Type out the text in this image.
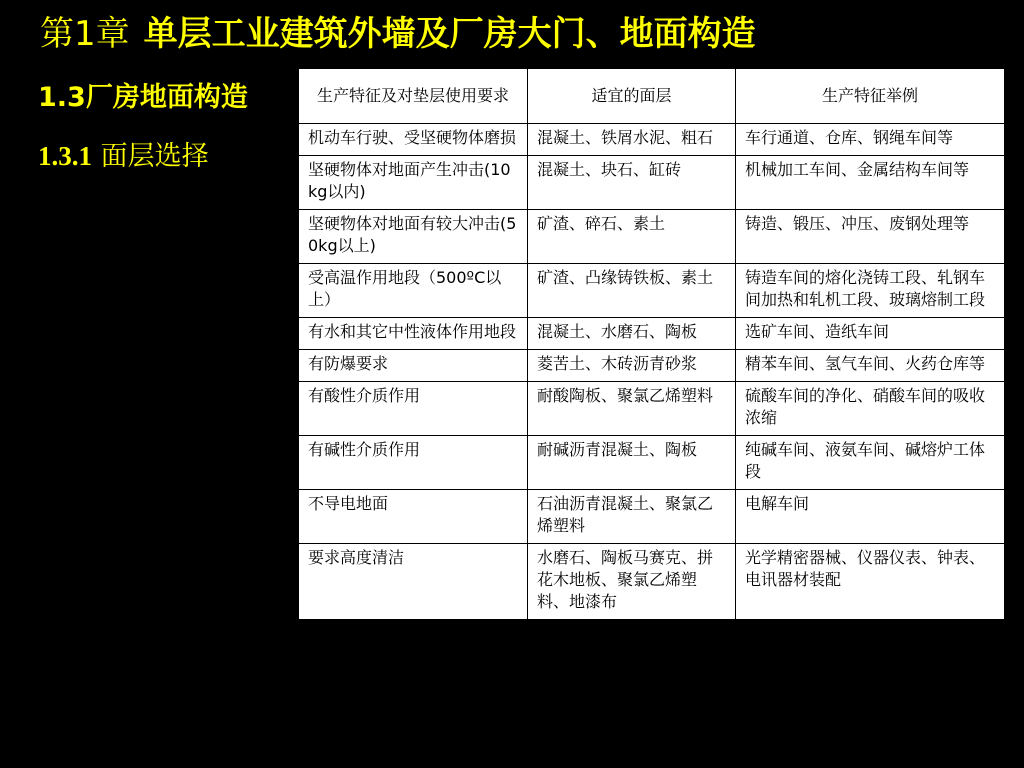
第1章 单层工业建筑外墙及厂房大门、地面构造
1.3厂房地面构造
1.3.1 面层选择
生产特征及对垫层使用要求	适宜的面层	生产特征举例
机动车行驶、受坚硬物体磨损	混凝土、铁屑水泥、粗石	车行通道、仓库、钢绳车间等
坚硬物体对地面产生冲击(10kg以内)	混凝土、块石、缸砖	机械加工车间、金属结构车间等
坚硬物体对地面有较大冲击(50kg以上)	矿渣、碎石、素土	铸造、锻压、冲压、废钢处理等
受高温作用地段（500ºC以上）	矿渣、凸缘铸铁板、素土	铸造车间的熔化浇铸工段、轧钢车间加热和轧机工段、玻璃熔制工段
有水和其它中性液体作用地段	混凝土、水磨石、陶板	选矿车间、造纸车间
有防爆要求	菱苦土、木砖沥青砂浆	精苯车间、氢气车间、火药仓库等
有酸性介质作用	耐酸陶板、聚氯乙烯塑料	硫酸车间的净化、硝酸车间的吸收浓缩
有碱性介质作用	耐碱沥青混凝土、陶板	纯碱车间、液氨车间、碱熔炉工体段
不导电地面	石油沥青混凝土、聚氯乙烯塑料	电解车间
要求高度清洁	水磨石、陶板马赛克、拼花木地板、聚氯乙烯塑料、地漆布	光学精密器械、仪器仪表、钟表、电讯器材装配
